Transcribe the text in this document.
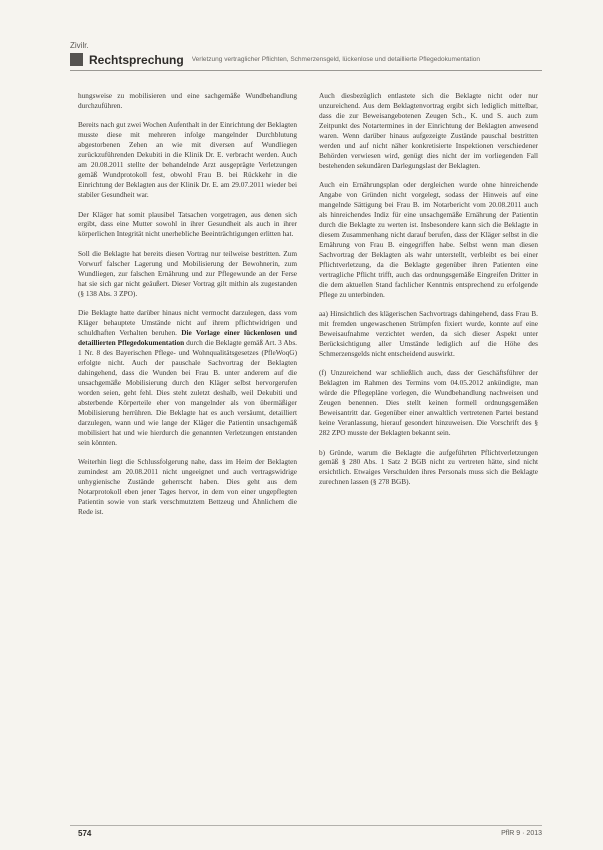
Zivilr.
Rechtsprechung Verletzung vertraglicher Pflichten, Schmerzensgeld, lückenlose und detaillierte Pflegedokumentation

hungsweise zu mobilisieren und eine sachgemäße Wundbehandlung durchzuführen.

Bereits nach gut zwei Wochen Aufenthalt in der Einrichtung der Beklagten musste diese mit mehreren infolge mangelnder Durchblutung abgestorbenen Zehen an wie mit diversen auf Wundliegen zurückzuführenden Dekubiti in die Klinik Dr. E. verbracht werden. Auch am 20.08.2011 stellte der behandelnde Arzt ausgeprägte Verletzungen gemäß Wundprotokoll fest, obwohl Frau B. bei Rückkehr in die Einrichtung der Beklagten aus der Klinik Dr. E. am 29.07.2011 wieder bei stabiler Gesundheit war.

Der Kläger hat somit plausibel Tatsachen vorgetragen, aus denen sich ergibt, dass eine Mutter sowohl in ihrer Gesundheit als auch in ihrer körperlichen Integrität nicht unerhebliche Beeinträchtigungen erlitten hat.

Soll die Beklagte hat bereits diesen Vortrag nur teilweise bestritten. Zum Vorwurf falscher Lagerung und Mobilisierung der Bewohnerin, zum Wundliegen, zur falschen Ernährung und zur Pflegewunde an der Ferse hat sie sich gar nicht geäußert. Dieser Vortrag gilt mithin als zugestanden (§ 138 Abs. 3 ZPO).

Die Beklagte hatte darüber hinaus nicht vermocht darzulegen, dass vom Kläger behauptete Umstände nicht auf ihrem pflichtwidrigen und schuldhaften Verhalten beruhen. Die Vorlage einer lückenlosen und detaillierten Pflegedokumentation durch die Beklagte gemäß Art. 3 Abs. 1 Nr. 8 des Bayerischen Pflege- und Wohnqualitätsgesetzes (PfleWoqG) erfolgte nicht. Auch der pauschale Sachvortrag der Beklagten dahingehend, dass die Wunden bei Frau B. unter anderem auf die unsachgemäße Mobilisierung durch den Kläger selbst hervorgerufen worden seien, geht fehl. Dies steht zuletzt deshalb, weil Dekubiti und absterbende Körperteile eher von mangelnder als von übermäßiger Mobilisierung herrühren. Die Beklagte hat es auch versäumt, detailliert darzulegen, wann und wie lange der Kläger die Patientin unsachgemäß mobilisiert hat und wie hierdurch die genannten Verletzungen entstanden sein könnten.

Weiterhin liegt die Schlussfolgerung nahe, dass im Heim der Beklagten zumindest am 20.08.2011 nicht ungeeignet und auch vertragswidrige unhygienische Zustände geherrscht haben. Dies geht aus dem Notarprotokoll eben jener Tages hervor, in dem von einer ungepflegten Patientin sowie von stark verschmutztem Bettzeug und Ähnlichem die Rede ist.

Auch diesbezüglich entlastete sich die Beklagte nicht oder nur unzureichend. Aus dem Beklagtenvortrag ergibt sich lediglich mittelbar, dass die zur Beweisangebotenen Zeugen Sch., K. und S. auch zum Zeitpunkt des Notartermines in der Einrichtung der Beklagten anwesend waren. Wenn darüber hinaus aufgezeigte Zustände pauschal bestritten werden und auf nicht näher konkretisierte Inspektionen verschiedener Behörden verwiesen wird, genügt dies nicht der im vorliegenden Fall bestehenden sekundären Darlegungslast der Beklagten.

Auch ein Ernährungsplan oder dergleichen wurde ohne hinreichende Angabe von Gründen nicht vorgelegt, sodass der Hinweis auf eine mangelnde Sättigung bei Frau B. im Notarbericht vom 20.08.2011 auch als hinreichendes Indiz für eine unsachgemäße Ernährung der Patientin durch die Beklagte zu werten ist. Insbesondere kann sich die Beklagte in diesem Zusammenhang nicht darauf berufen, dass der Kläger selbst in die Ernährung von Frau B. eingegriffen habe. Selbst wenn man diesen Sachvortrag der Beklagten als wahr unterstellt, verbleibt es bei einer Pflichtverletzung, da die Beklagte gegenüber ihren Patienten eine vertragliche Pflicht trifft, auch das ordnungsgemäße Eingreifen Dritter in die dem aktuellen Stand fachlicher Kenntnis entsprechend zu erfolgende Pflege zu unterbinden.

aa) Hinsichtlich des klägerischen Sachvortrags dahingehend, dass Frau B. mit fremden ungewaschenen Strümpfen fixiert wurde, konnte auf eine Beweisaufnahme verzichtet werden, da sich dieser Aspekt unter Berücksichtigung aller Umstände lediglich auf die Höhe des Schmerzensgelds nicht entscheidend auswirkt.

(f) Unzureichend war schließlich auch, dass der Geschäftsführer der Beklagten im Rahmen des Termins vom 04.05.2012 ankündigte, man würde die Pflegepläne vorlegen, die Wundbehandlung nachweisen und Zeugen benennen. Dies stellt keinen formell ordnungsgemäßen Beweisantritt dar. Gegenüber einer anwaltlich vertretenen Partei bestand keine Veranlassung, hierauf gesondert hinzuweisen. Die Vorschrift des § 282 ZPO musste der Beklagten bekannt sein.

b) Gründe, warum die Beklagte die aufgeführten Pflichtverletzungen gemäß § 280 Abs. 1 Satz 2 BGB nicht zu vertreten hätte, sind nicht ersichtlich. Etwaiges Verschulden ihres Personals muss sich die Beklagte zurechnen lassen (§ 278 BGB).

574	PflR 9 · 2013
